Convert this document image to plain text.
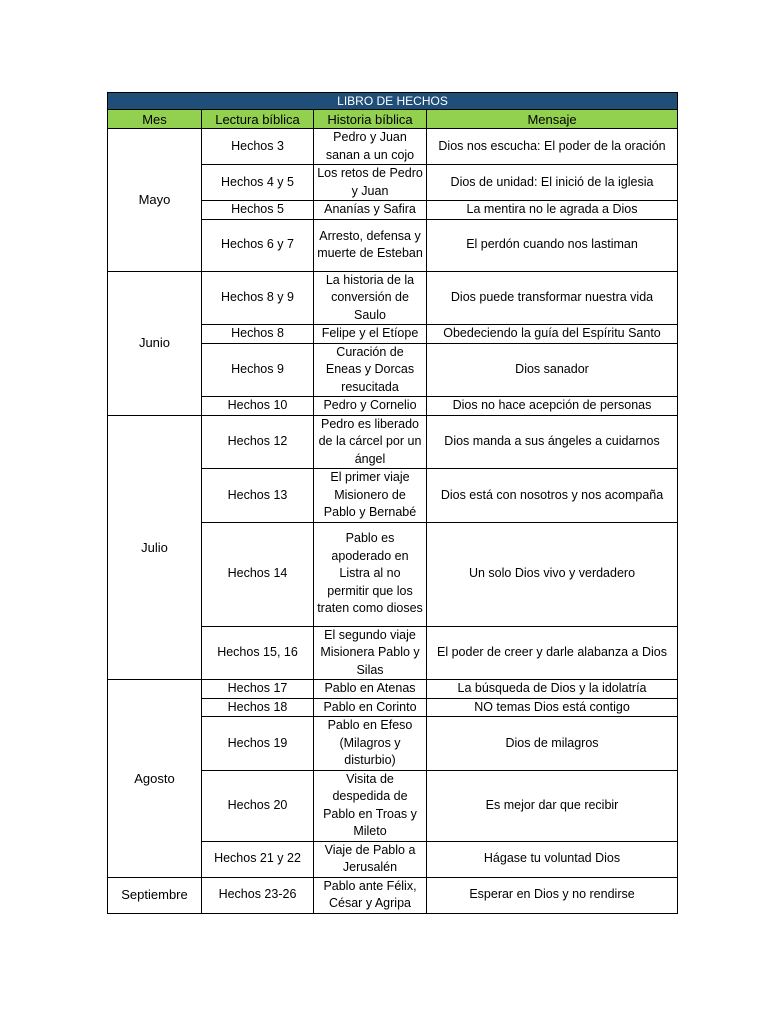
LIBRO DE HECHOS			
Mes	Lectura bíblica	Historia bíblica	Mensaje
Mayo	Hechos 3	Pedro y Juan sanan a un cojo	Dios nos escucha: El poder de la oración
	Hechos 4 y 5	Los retos de Pedro y Juan	Dios de unidad: El inició de la iglesia
	Hechos 5	Ananías y Safira	La mentira no le agrada a Dios
	Hechos 6 y 7	Arresto, defensa y muerte de Esteban	El perdón cuando nos lastiman
Junio	Hechos 8 y 9	La historia de la conversión de Saulo	Dios puede transformar nuestra vida
	Hechos 8	Felipe y el Etíope	Obedeciendo la guía del Espíritu Santo
	Hechos 9	Curación de Eneas y Dorcas resucitada	Dios sanador
	Hechos 10	Pedro y Cornelio	Dios no hace acepción de personas
Julio	Hechos 12	Pedro es liberado de la cárcel por un ángel	Dios manda a sus ángeles a cuidarnos
	Hechos 13	El primer viaje Misionero de Pablo y Bernabé	Dios está con nosotros y nos acompaña
	Hechos 14	Pablo es apoderado en Listra al no permitir que los traten como dioses	Un solo Dios vivo y verdadero
	Hechos 15, 16	El segundo viaje Misionera Pablo y Silas	El poder de creer y darle alabanza a Dios
Agosto	Hechos 17	Pablo en Atenas	La búsqueda de Dios y la idolatría
	Hechos 18	Pablo en Corinto	NO temas Dios está contigo
	Hechos 19	Pablo en Efeso (Milagros y disturbio)	Dios de milagros
	Hechos 20	Visita de despedida de Pablo en Troas y Mileto	Es mejor dar que recibir
	Hechos 21 y 22	Viaje de Pablo a Jerusalén	Hágase tu voluntad Dios
Septiembre	Hechos 23-26	Pablo ante Félix, César y Agripa	Esperar en Dios y no rendirse
